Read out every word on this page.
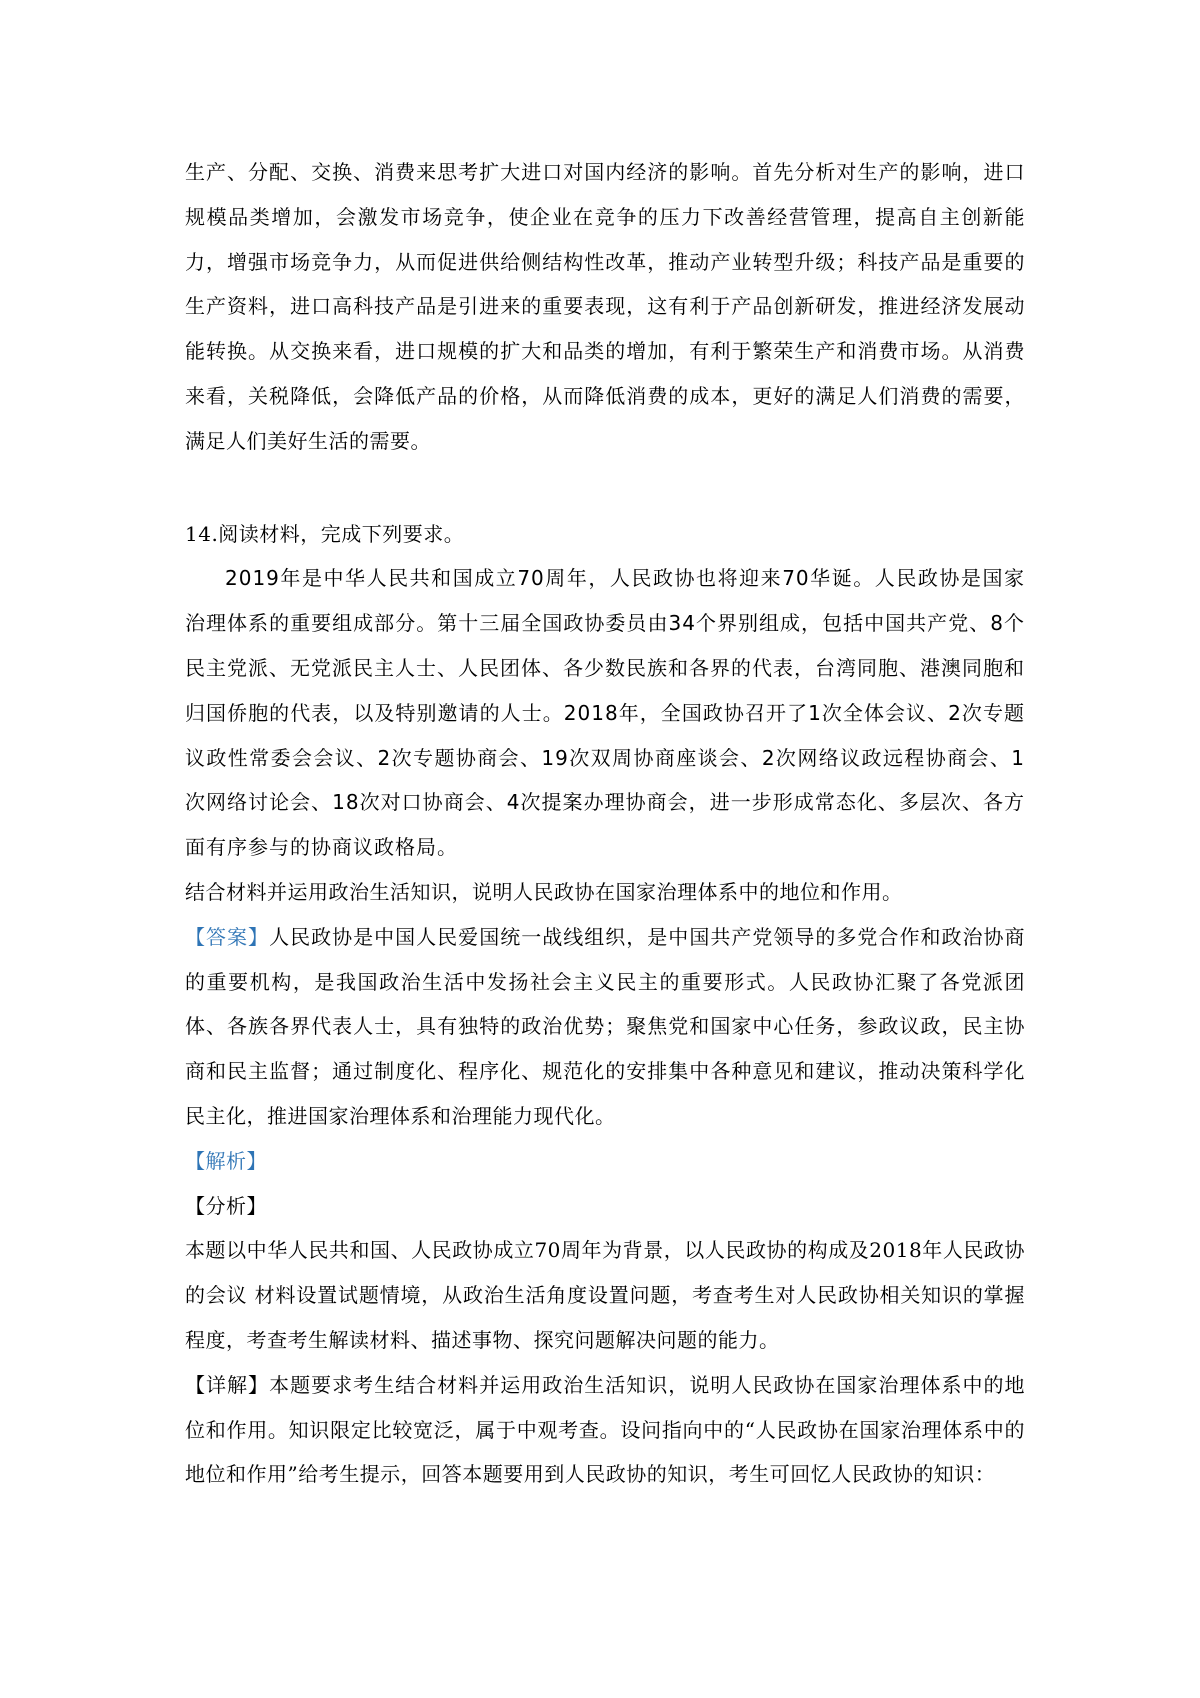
生产、分配、交换、消费来思考扩大进口对国内经济的影响。首先分析对生产的影响，进口规模品类增加，会激发市场竞争，使企业在竞争的压力下改善经营管理，提高自主创新能力，增强市场竞争力，从而促进供给侧结构性改革，推动产业转型升级；科技产品是重要的生产资料，进口高科技产品是引进来的重要表现，这有利于产品创新研发，推进经济发展动能转换。从交换来看，进口规模的扩大和品类的增加，有利于繁荣生产和消费市场。从消费来看，关税降低，会降低产品的价格，从而降低消费的成本，更好的满足人们消费的需要，满足人们美好生活的需要。

14.阅读材料，完成下列要求。

2019年是中华人民共和国成立70周年，人民政协也将迎来70华诞。人民政协是国家治理体系的重要组成部分。第十三届全国政协委员由34个界别组成，包括中国共产党、8个民主党派、无党派民主人士、人民团体、各少数民族和各界的代表，台湾同胞、港澳同胞和归国侨胞的代表，以及特别邀请的人士。2018年，全国政协召开了1次全体会议、2次专题议政性常委会会议、2次专题协商会、19次双周协商座谈会、2次网络议政远程协商会、1次网络讨论会、18次对口协商会、4次提案办理协商会，进一步形成常态化、多层次、各方面有序参与的协商议政格局。

结合材料并运用政治生活知识，说明人民政协在国家治理体系中的地位和作用。

【答案】人民政协是中国人民爱国统一战线组织，是中国共产党领导的多党合作和政治协商的重要机构，是我国政治生活中发扬社会主义民主的重要形式。人民政协汇聚了各党派团体、各族各界代表人士，具有独特的政治优势；聚焦党和国家中心任务，参政议政，民主协商和民主监督；通过制度化、程序化、规范化的安排集中各种意见和建议，推动决策科学化民主化，推进国家治理体系和治理能力现代化。

【解析】

【分析】

本题以中华人民共和国、人民政协成立70周年为背景，以人民政协的构成及2018年人民政协的会议 材料设置试题情境，从政治生活角度设置问题，考查考生对人民政协相关知识的掌握程度，考查考生解读材料、描述事物、探究问题解决问题的能力。

【详解】本题要求考生结合材料并运用政治生活知识，说明人民政协在国家治理体系中的地位和作用。知识限定比较宽泛，属于中观考查。设问指向中的“人民政协在国家治理体系中的地位和作用”给考生提示，回答本题要用到人民政协的知识，考生可回忆人民政协的知识：
